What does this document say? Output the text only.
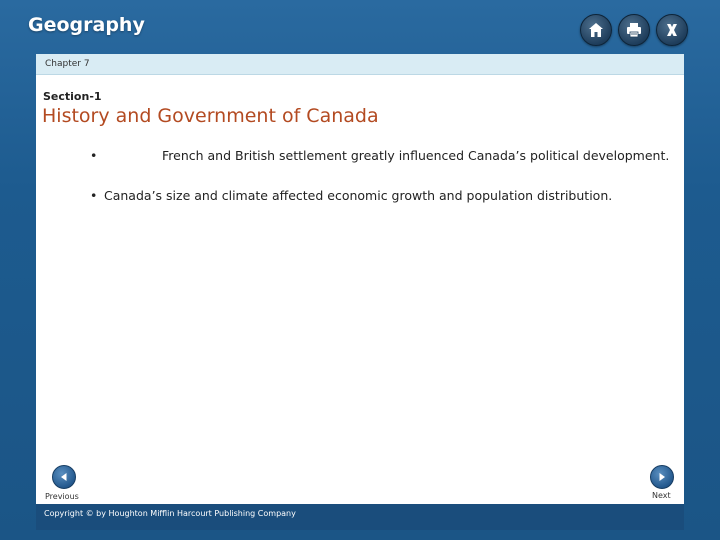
Geography
Chapter 7
Section-1
History and Government of Canada
•	French and British settlement greatly influenced Canada’s political development.
• Canada’s size and climate affected economic growth and population distribution.
Previous	Next
Copyright © by Houghton Mifflin Harcourt Publishing Company
